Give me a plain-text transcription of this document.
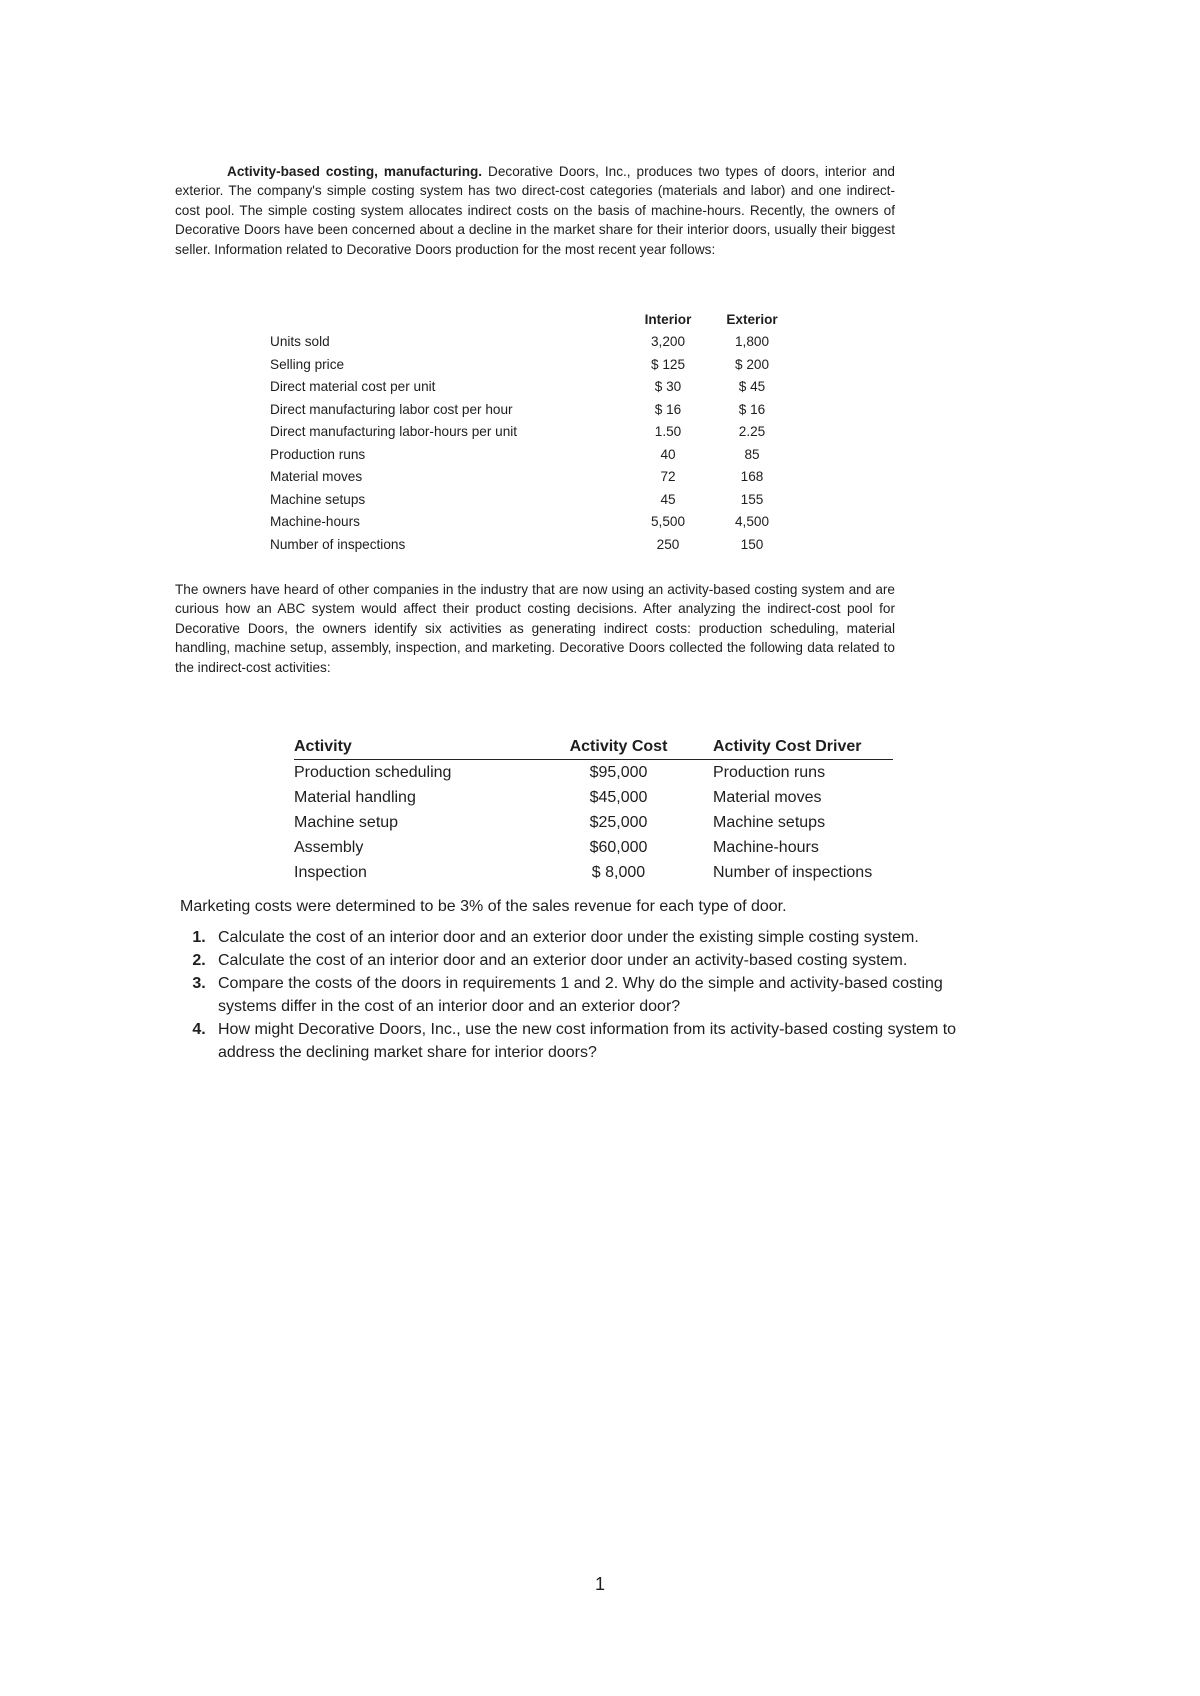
Activity-based costing, manufacturing. Decorative Doors, Inc., produces two types of doors, interior and exterior. The company's simple costing system has two direct-cost categories (materials and labor) and one indirect-cost pool. The simple costing system allocates indirect costs on the basis of machine-hours. Recently, the owners of Decorative Doors have been concerned about a decline in the market share for their interior doors, usually their biggest seller. Information related to Decorative Doors production for the most recent year follows:

	Interior	Exterior
Units sold	3,200	1,800
Selling price	$ 125	$ 200
Direct material cost per unit	$ 30	$ 45
Direct manufacturing labor cost per hour	$ 16	$ 16
Direct manufacturing labor-hours per unit	1.50	2.25
Production runs	40	85
Material moves	72	168
Machine setups	45	155
Machine-hours	5,500	4,500
Number of inspections	250	150

The owners have heard of other companies in the industry that are now using an activity-based costing system and are curious how an ABC system would affect their product costing decisions. After analyzing the indirect-cost pool for Decorative Doors, the owners identify six activities as generating indirect costs: production scheduling, material handling, machine setup, assembly, inspection, and marketing. Decorative Doors collected the following data related to the indirect-cost activities:

Activity	Activity Cost	Activity Cost Driver
Production scheduling	$95,000	Production runs
Material handling	$45,000	Material moves
Machine setup	$25,000	Machine setups
Assembly	$60,000	Machine-hours
Inspection	$ 8,000	Number of inspections

Marketing costs were determined to be 3% of the sales revenue for each type of door.

1. Calculate the cost of an interior door and an exterior door under the existing simple costing system.
2. Calculate the cost of an interior door and an exterior door under an activity-based costing system.
3. Compare the costs of the doors in requirements 1 and 2. Why do the simple and activity-based costing systems differ in the cost of an interior door and an exterior door?
4. How might Decorative Doors, Inc., use the new cost information from its activity-based costing system to address the declining market share for interior doors?
1
